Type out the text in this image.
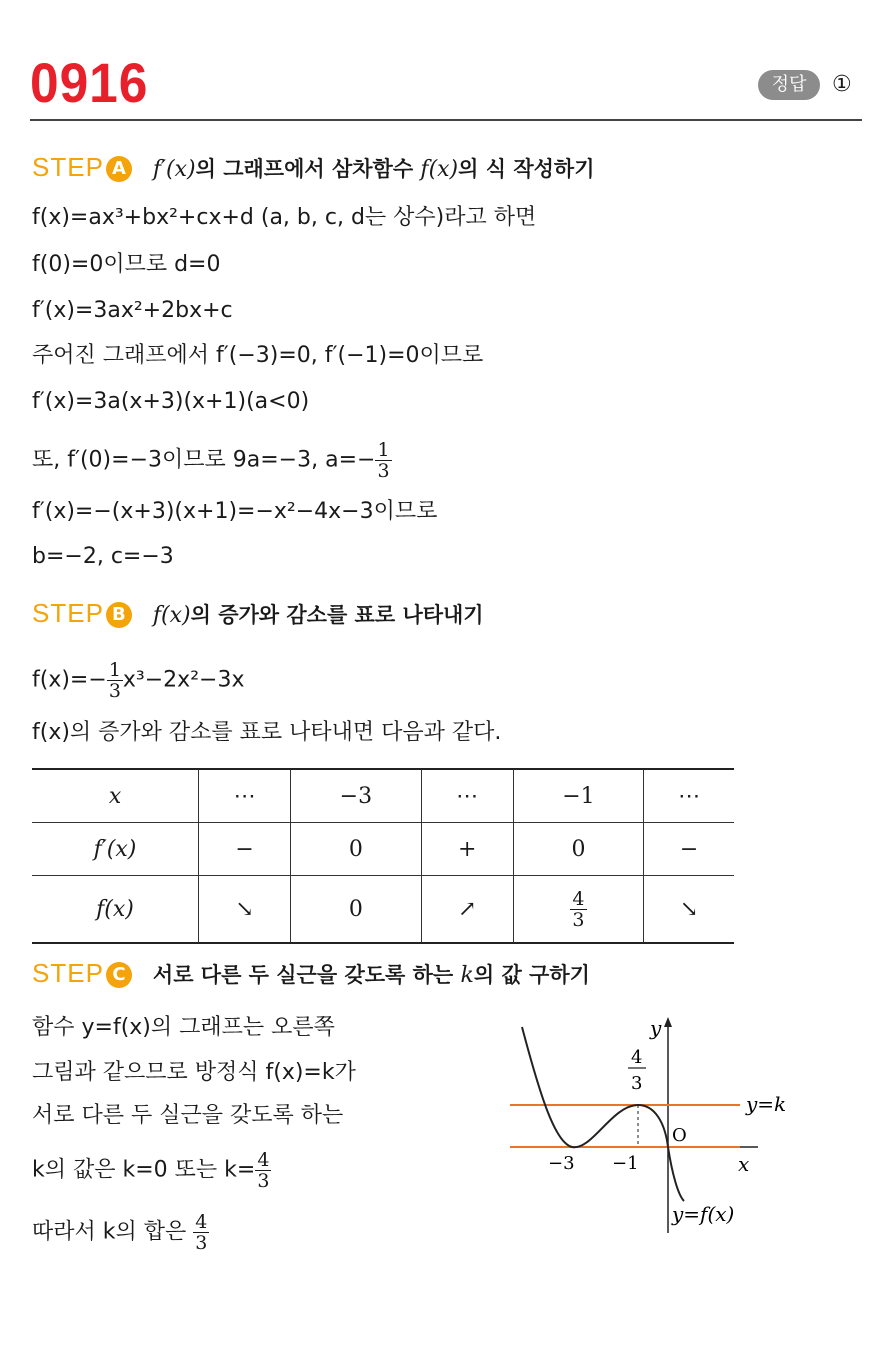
0916	정답	①
STEP A f′(x)의 그래프에서 삼차함수 f(x)의 식 작성하기
f(x)=ax³+bx²+cx+d (a, b, c, d는 상수)라고 하면
f(0)=0이므로 d=0
f′(x)=3ax²+2bx+c
주어진 그래프에서 f′(−3)=0, f′(−1)=0이므로
f′(x)=3a(x+3)(x+1)(a<0)
또, f′(0)=−3이므로 9a=−3, $a=- \frac{1}{3}$
f′(x)=−(x+3)(x+1)=−x²−4x−3이므로
b=−2, c=−3
STEP B f(x)의 증가와 감소를 표로 나타내기
$f(x)=- \frac{1}{3} x^3-2x^2-3x$
f(x)의 증가와 감소를 표로 나타내면 다음과 같다.
x	⋯	−3	⋯	−1	⋯
f′(x)	−	0	+	0	−
f(x)	↘	0	↗	$\frac{4}{3}$	↘
STEP C 서로 다른 두 실근을 갖도록 하는 k의 값 구하기
함수 y=f(x)의 그래프는 오른쪽
그림과 같으므로 방정식 f(x)=k가
서로 다른 두 실근을 갖도록 하는
k의 값은 k=0 또는 $k= \frac{4}{3}$
따라서 k의 합은 $\frac{4}{3}$
y
x
O
−3 −1
4
3
y=k
y=f(x)
